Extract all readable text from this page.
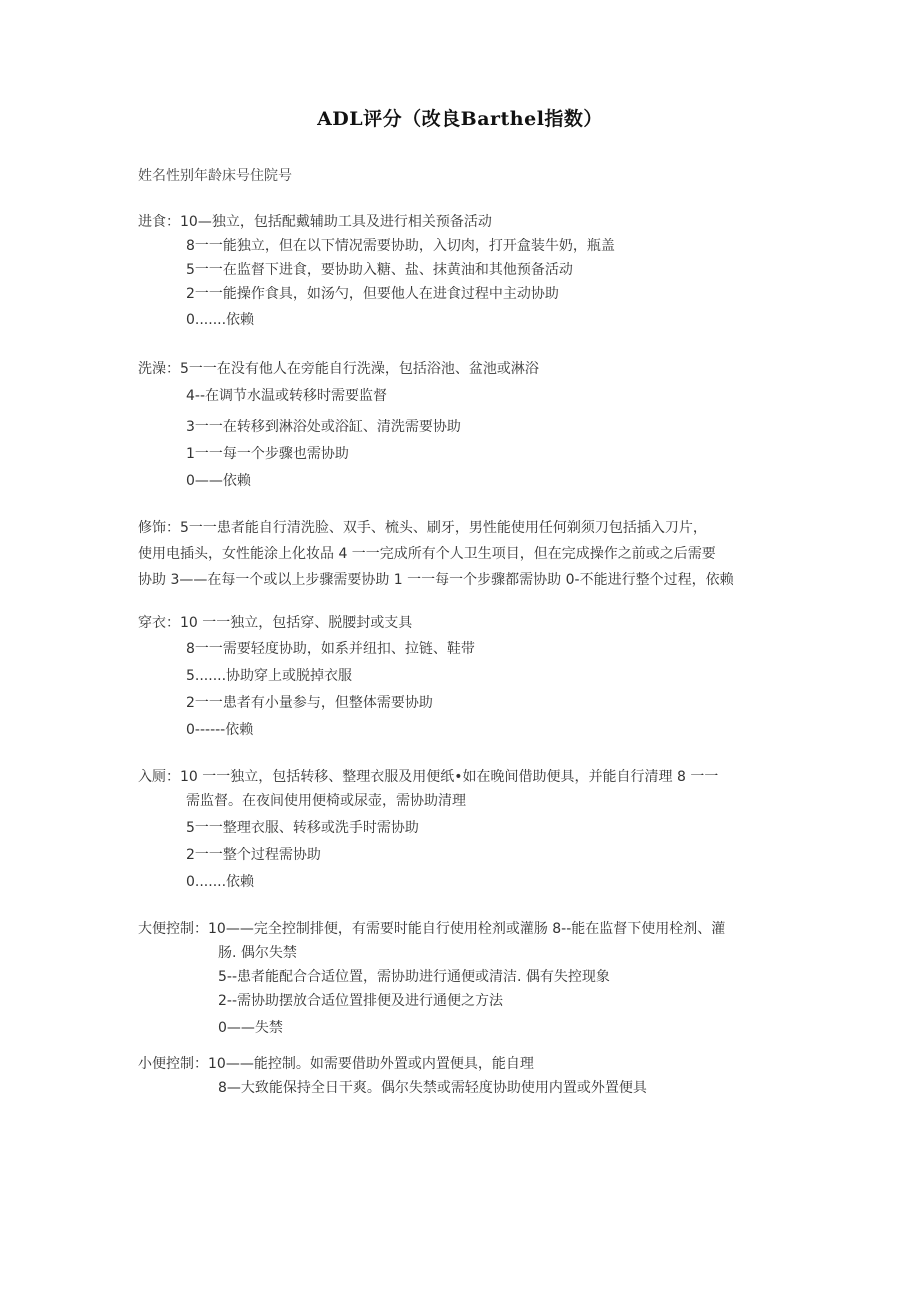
ADL评分（改良Barthel指数）
姓名性别年龄床号住院号
进食：10—独立，包括配戴辅助工具及进行相关预备活动
8一一能独立，但在以下情况需要协助，入切肉，打开盒装牛奶，瓶盖
5一一在监督下进食，要协助入糖、盐、抹黄油和其他预备活动
2一一能操作食具，如汤勺，但要他人在进食过程中主动协助
0.......依赖
洗澡：5一一在没有他人在旁能自行洗澡，包括浴池、盆池或淋浴
4--在调节水温或转移时需要监督
3一一在转移到淋浴处或浴缸、清洗需要协助
1一一每一个步骤也需协助
0——依赖
修饰：5一一患者能自行清洗脸、双手、梳头、刷牙，男性能使用任何剃须刀包括插入刀片，
使用电插头，女性能涂上化妆品 4 一一完成所有个人卫生项目，但在完成操作之前或之后需要
协助 3——在每一个或以上步骤需要协助 1 一一每一个步骤都需协助 0-不能进行整个过程，依赖
穿衣：10 一一独立，包括穿、脱腰封或支具
8一一需要轻度协助，如系并纽扣、拉链、鞋带
5.......协助穿上或脱掉衣服
2一一患者有小量参与，但整体需要协助
0------依赖
入厕：10 一一独立，包括转移、整理衣服及用便纸•如在晚间借助便具，并能自行清理 8 一一
需监督。在夜间使用便椅或尿壶，需协助清理
5一一整理衣服、转移或洗手时需协助
2一一整个过程需协助
0.......依赖
大便控制：10——完全控制排便，有需要时能自行使用栓剂或灌肠 8--能在监督下使用栓剂、灌
肠. 偶尔失禁
5--患者能配合合适位置，需协助进行通便或清洁. 偶有失控现象
2--需协助摆放合适位置排便及进行通便之方法
0——失禁
小便控制：10——能控制。如需要借助外置或内置便具，能自理
8—大致能保持全日干爽。偶尔失禁或需轻度协助使用内置或外置便具
